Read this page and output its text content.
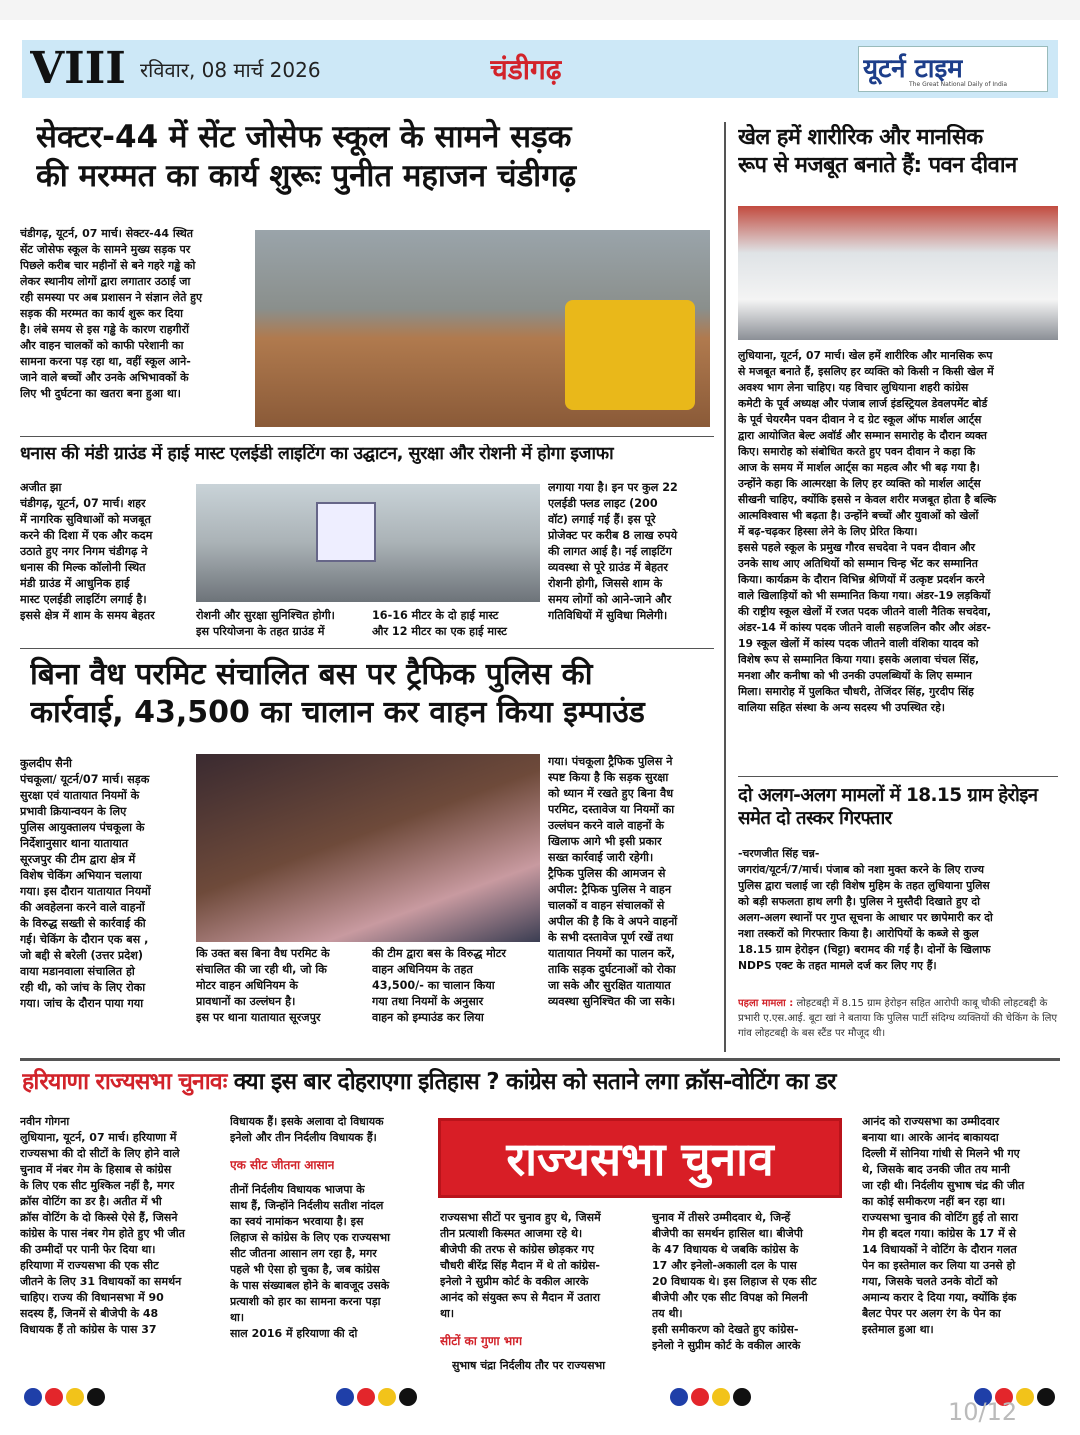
VIII रविवार, 08 मार्च 2026	चंडीगढ़	यूटर्न टाइम
The Great National Daily of India
सेक्टर-44 में सेंट जोसेफ स्कूल के सामने सड़क
की मरम्मत का कार्य शुरूः पुनीत महाजन चंडीगढ़
चंडीगढ़, यूटर्न, 07 मार्च। सेक्टर-44 स्थित
सेंट जोसेफ स्कूल के सामने मुख्य सड़क पर
पिछले करीब चार महीनों से बने गहरे गड्ढे को
लेकर स्थानीय लोगों द्वारा लगातार उठाई जा
रही समस्या पर अब प्रशासन ने संज्ञान लेते हुए
सड़क की मरम्मत का कार्य शुरू कर दिया
है। लंबे समय से इस गड्ढे के कारण राहगीरों
और वाहन चालकों को काफी परेशानी का
सामना करना पड़ रहा था, वहीं स्कूल आने-
जाने वाले बच्चों और उनके अभिभावकों के
लिए भी दुर्घटना का खतरा बना हुआ था।
धनास की मंडी ग्राउंड में हाई मास्ट एलईडी लाइटिंग का उद्घाटन, सुरक्षा और रोशनी में होगा इजाफा
अजीत झा
चंडीगढ़, यूटर्न, 07 मार्च। शहर
में नागरिक सुविधाओं को मजबूत
करने की दिशा में एक और कदम
उठाते हुए नगर निगम चंडीगढ़ ने
धनास की मिल्क कॉलोनी स्थित
मंडी ग्राउंड में आधुनिक हाई
मास्ट एलईडी लाइटिंग लगाई है।
इससे क्षेत्र में शाम के समय बेहतर	रोशनी और सुरक्षा सुनिश्चित होगी।
इस परियोजना के तहत ग्राउंड में
16-16 मीटर के दो हाई मास्ट
और 12 मीटर का एक हाई मास्ट
लगाया गया है। इन पर कुल 22
एलईडी फ्लड लाइट (200
वॉट) लगाई गई हैं। इस पूरे
प्रोजेक्ट पर करीब 8 लाख रुपये
की लागत आई है। नई लाइटिंग
व्यवस्था से पूरे ग्राउंड में बेहतर
रोशनी होगी, जिससे शाम के
समय लोगों को आने-जाने और
गतिविधियों में सुविधा मिलेगी।
बिना वैध परमिट संचालित बस पर ट्रैफिक पुलिस की
कार्रवाई, 43,500 का चालान कर वाहन किया इम्पाउंड
कुलदीप सैनी
पंचकूला/ यूटर्न/07 मार्च। सड़क
सुरक्षा एवं यातायात नियमों के
प्रभावी क्रियान्वयन के लिए
पुलिस आयुक्तालय पंचकूला के
निर्देशानुसार थाना यातायात
सूरजपुर की टीम द्वारा क्षेत्र में
विशेष चेकिंग अभियान चलाया
गया। इस दौरान यातायात नियमों
की अवहेलना करने वाले वाहनों
के विरुद्ध सख्ती से कार्रवाई की
गई। चेकिंग के दौरान एक बस ,
जो बद्दी से बरेली (उत्तर प्रदेश)
वाया मडानवाला संचालित हो
रही थी, को जांच के लिए रोका
गया। जांच के दौरान पाया गया
कि उक्त बस बिना वैध परमिट के
संचालित की जा रही थी, जो कि
मोटर वाहन अधिनियम के
प्रावधानों का उल्लंघन है।
इस पर थाना यातायात सूरजपुर
की टीम द्वारा बस के विरुद्ध मोटर
वाहन अधिनियम के तहत
43,500/- का चालान किया
गया तथा नियमों के अनुसार
वाहन को इम्पाउंड कर लिया
गया। पंचकूला ट्रैफिक पुलिस ने
स्पष्ट किया है कि सड़क सुरक्षा
को ध्यान में रखते हुए बिना वैध
परमिट, दस्तावेज या नियमों का
उल्लंघन करने वाले वाहनों के
खिलाफ आगे भी इसी प्रकार
सख्त कार्रवाई जारी रहेगी।
ट्रैफिक पुलिस की आमजन से
अपील: ट्रैफिक पुलिस ने वाहन
चालकों व वाहन संचालकों से
अपील की है कि वे अपने वाहनों
के सभी दस्तावेज पूर्ण रखें तथा
यातायात नियमों का पालन करें,
ताकि सड़क दुर्घटनाओं को रोका
जा सके और सुरक्षित यातायात
व्यवस्था सुनिश्चित की जा सके।
खेल हमें शारीरिक और मानसिक
रूप से मजबूत बनाते हैं: पवन दीवान
लुधियाना, यूटर्न, 07 मार्च। खेल हमें शारीरिक और मानसिक रूप
से मजबूत बनाते हैं, इसलिए हर व्यक्ति को किसी न किसी खेल में
अवश्य भाग लेना चाहिए। यह विचार लुधियाना शहरी कांग्रेस
कमेटी के पूर्व अध्यक्ष और पंजाब लार्ज इंडस्ट्रियल डेवलपमेंट बोर्ड
के पूर्व चेयरमैन पवन दीवान ने द ग्रेट स्कूल ऑफ मार्शल आर्ट्स
द्वारा आयोजित बेल्ट अवॉर्ड और सम्मान समारोह के दौरान व्यक्त
किए। समारोह को संबोधित करते हुए पवन दीवान ने कहा कि
आज के समय में मार्शल आर्ट्स का महत्व और भी बढ़ गया है।
उन्होंने कहा कि आत्मरक्षा के लिए हर व्यक्ति को मार्शल आर्ट्स
सीखनी चाहिए, क्योंकि इससे न केवल शरीर मजबूत होता है बल्कि
आत्मविश्वास भी बढ़ता है। उन्होंने बच्चों और युवाओं को खेलों
में बढ़-चढ़कर हिस्सा लेने के लिए प्रेरित किया।
इससे पहले स्कूल के प्रमुख गौरव सचदेवा ने पवन दीवान और
उनके साथ आए अतिथियों को सम्मान चिन्ह भेंट कर सम्मानित
किया। कार्यक्रम के दौरान विभिन्न श्रेणियों में उत्कृष्ट प्रदर्शन करने
वाले खिलाड़ियों को भी सम्मानित किया गया। अंडर-19 लड़कियों
की राष्ट्रीय स्कूल खेलों में रजत पदक जीतने वाली नैतिक सचदेवा,
अंडर-14 में कांस्य पदक जीतने वाली सहजलिन कौर और अंडर-
19 स्कूल खेलों में कांस्य पदक जीतने वाली वंशिका यादव को
विशेष रूप से सम्मानित किया गया। इसके अलावा चंचल सिंह,
मनशा और कनीषा को भी उनकी उपलब्धियों के लिए सम्मान
मिला। समारोह में पुलकित चौधरी, तेजिंदर सिंह, गुरदीप सिंह
वालिया सहित संस्था के अन्य सदस्य भी उपस्थित रहे।
दो अलग-अलग मामलों में 18.15 ग्राम हेरोइन
समेत दो तस्कर गिरफ्तार
-चरणजीत सिंह चन्न-
जगरांव/यूटर्न/7/मार्च। पंजाब को नशा मुक्त करने के लिए राज्य
पुलिस द्वारा चलाई जा रही विशेष मुहिम के तहत लुधियाना पुलिस
को बड़ी सफलता हाथ लगी है। पुलिस ने मुस्तैदी दिखाते हुए दो
अलग-अलग स्थानों पर गुप्त सूचना के आधार पर छापेमारी कर दो
नशा तस्करों को गिरफ्तार किया है। आरोपियों के कब्जे से कुल
18.15 ग्राम हेरोइन (चिट्टा) बरामद की गई है। दोनों के खिलाफ
NDPS एक्ट के तहत मामले दर्ज कर लिए गए हैं।
पहला मामला : लोहटबद्दी में 8.15 ग्राम हेरोइन सहित आरोपी काबू चौकी लोहटबद्दी के प्रभारी ए.एस.आई. बूटा खां ने बताया कि पुलिस पार्टी संदिग्ध व्यक्तियों की चेकिंग के लिए गांव लोहटबद्दी के बस स्टैंड पर मौजूद थी।
हरियाणा राज्यसभा चुनावः क्या इस बार दोहराएगा इतिहास ? कांग्रेस को सताने लगा क्रॉस-वोटिंग का डर
नवीन गोगना
लुधियाना, यूटर्न, 07 मार्च। हरियाणा में
राज्यसभा की दो सीटों के लिए होने वाले
चुनाव में नंबर गेम के हिसाब से कांग्रेस
के लिए एक सीट मुश्किल नहीं है, मगर
क्रॉस वोटिंग का डर है। अतीत में भी
क्रॉस वोटिंग के दो किस्से ऐसे हैं, जिसने
कांग्रेस के पास नंबर गेम होते हुए भी जीत
की उम्मीदों पर पानी फेर दिया था।
हरियाणा में राज्यसभा की एक सीट
जीतने के लिए 31 विधायकों का समर्थन
चाहिए। राज्य की विधानसभा में 90
सदस्य हैं, जिनमें से बीजेपी के 48
विधायक हैं तो कांग्रेस के पास 37
विधायक हैं। इसके अलावा दो विधायक
इनेलो और तीन निर्दलीय विधायक हैं।
एक सीट जीतना आसान
तीनों निर्दलीय विधायक भाजपा के
साथ हैं, जिन्होंने निर्दलीय सतीश नांदल
का स्वयं नामांकन भरवाया है। इस
लिहाज से कांग्रेस के लिए एक राज्यसभा
सीट जीतना आसान लग रहा है, मगर
पहले भी ऐसा हो चुका है, जब कांग्रेस
के पास संख्याबल होने के बावजूद उसके
प्रत्याशी को हार का सामना करना पड़ा
था।
साल 2016 में हरियाणा की दो
राज्यसभा चुनाव
राज्यसभा सीटों पर चुनाव हुए थे, जिसमें
तीन प्रत्याशी किस्मत आजमा रहे थे।
बीजेपी की तरफ से कांग्रेस छोड़कर गए
चौधरी बीरेंद्र सिंह मैदान में थे तो कांग्रेस-
इनेलो ने सुप्रीम कोर्ट के वकील आरके
आनंद को संयुक्त रूप से मैदान में उतारा
था।
सीटों का गुणा भाग
सुभाष चंद्रा निर्दलीय तौर पर राज्यसभा
चुनाव में तीसरे उम्मीदवार थे, जिन्हें
बीजेपी का समर्थन हासिल था। बीजेपी
के 47 विधायक थे जबकि कांग्रेस के
17 और इनेलो-अकाली दल के पास
20 विधायक थे। इस लिहाज से एक सीट
बीजेपी और एक सीट विपक्ष को मिलनी
तय थी।
इसी समीकरण को देखते हुए कांग्रेस-
इनेलो ने सुप्रीम कोर्ट के वकील आरके
आनंद को राज्यसभा का उम्मीदवार
बनाया था। आरके आनंद बाकायदा
दिल्ली में सोनिया गांधी से मिलने भी गए
थे, जिसके बाद उनकी जीत तय मानी
जा रही थी। निर्दलीय सुभाष चंद्र की जीत
का कोई समीकरण नहीं बन रहा था।
राज्यसभा चुनाव की वोटिंग हुई तो सारा
गेम ही बदल गया। कांग्रेस के 17 में से
14 विधायकों ने वोटिंग के दौरान गलत
पेन का इस्तेमाल कर लिया या उनसे हो
गया, जिसके चलते उनके वोटों को
अमान्य करार दे दिया गया, क्योंकि इंक
बैलट पेपर पर अलग रंग के पेन का
इस्तेमाल हुआ था।
10/12
